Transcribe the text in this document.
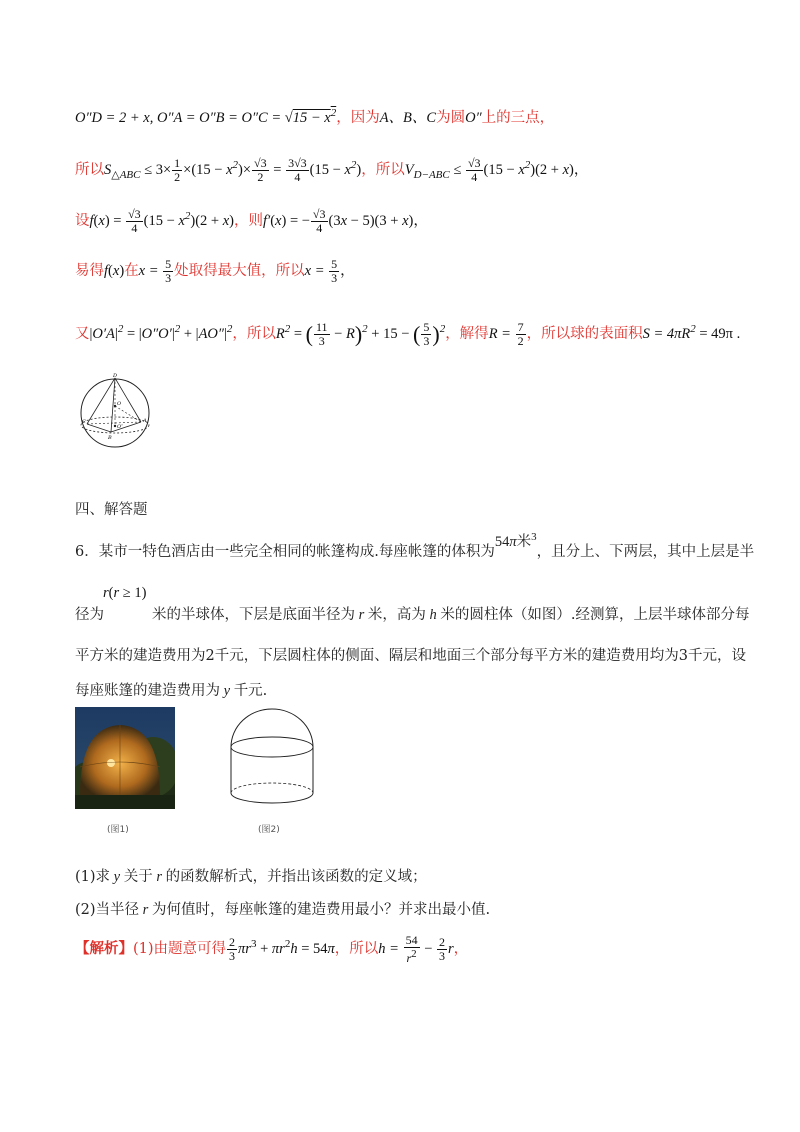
O″D = 2 + x, $O''A = O''B = O''C = √15 - x^2$，因为A、B、C为圆O″上的三点，
所以$S_{\triangle ABC} \le 3\times \frac{1}{2} \times(15 - x^2)\times \frac{√3}{2} = \frac{3√3}{4} (15 - x^2)$，所以$V_{D-ABC} \le \frac{√3}{4} (15 - x^2)(2 + x)$，
设$f(x) = \frac{√3}{4} (15 - x^2)(2 + x)$，则f′(x) = − $\frac{√3}{4} (3x - 5)(3 + x)$，
易得f(x)在$x = \frac{5}{3}$ 处取得最大值，所以$x = \frac{5}{3}$ ，
又$|O'A|^2 = |O''O'|^2 + |AO''|^2$，所以$R^2$ = ( $\frac{11}{3} - R)^2 + 15$ − ( $\frac{5}{3} )^2$，解得$R = \frac{7}{2}$ ，所以球的表面积$S = 4\pi R^2 = 49\pi$ .
D
O
O″
C	A
B
四、解答题
6．某市一特色酒店由一些完全相同的帐篷构成.每座帐篷的体积为54π米$^3$，且分上、下两层，其中上层是半
r(r ≥ 1)
径为	米的半球体，下层是底面半径为 r 米，高为 h 米的圆柱体（如图）.经测算，上层半球体部分每
平方米的建造费用为2千元，下层圆柱体的侧面、隔层和地面三个部分每平方米的建造费用均为3千元，设
每座账篷的建造费用为 y 千元.
(图1)	(图2)
(1)求 y 关于 r 的函数解析式，并指出该函数的定义域；
(2)当半径 r 为何值时，每座帐篷的建造费用最小？并求出最小值.
【解析】(1)由题意可得 $\frac{2}{3} \pi r^3 + \pi r^2h = 54\pi$，所以$h = \frac{54}{r^2} - \frac{2}{3}$ r，
